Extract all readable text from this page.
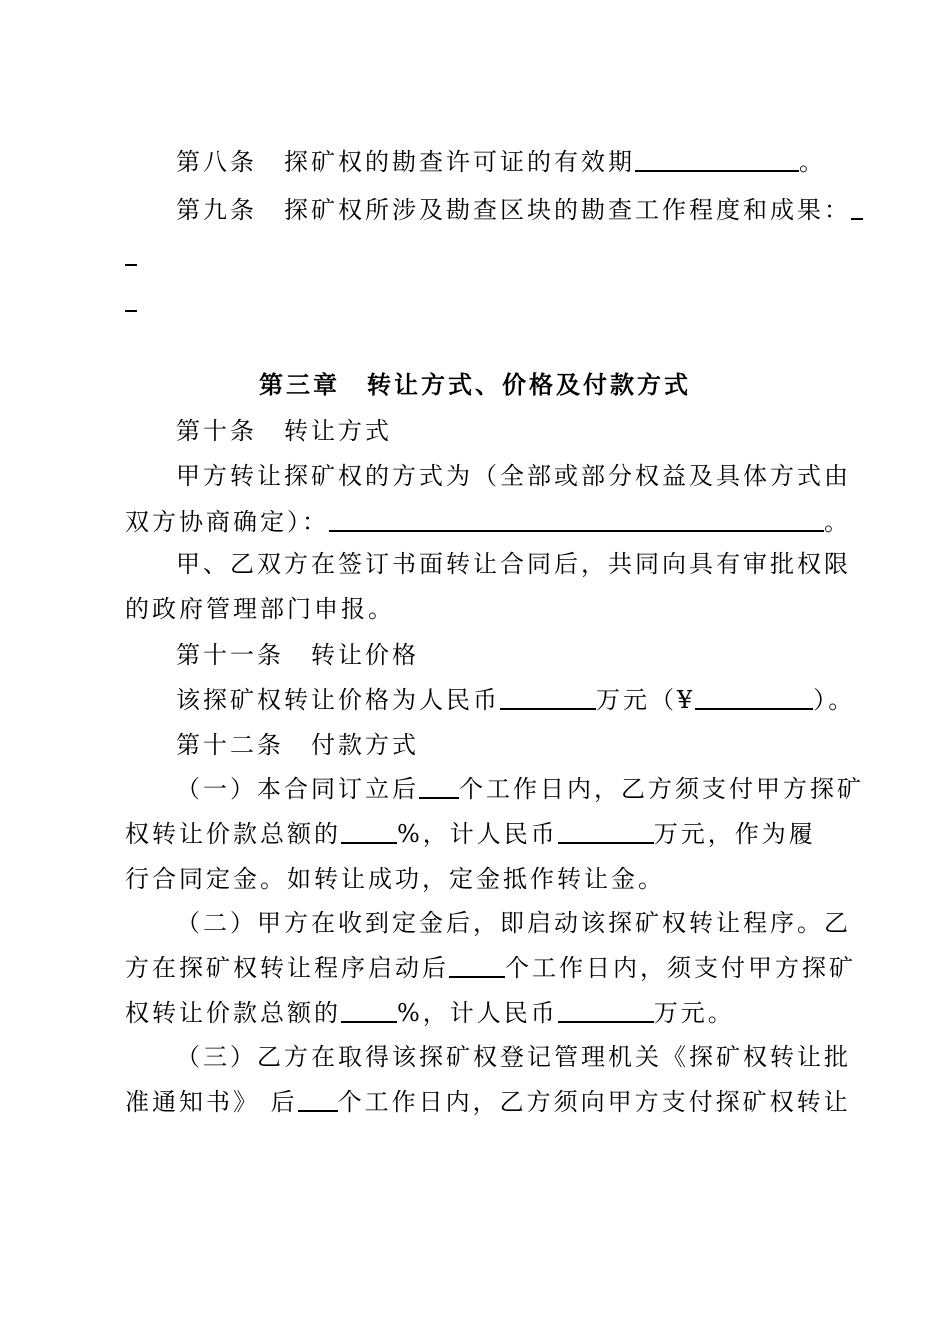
第八条　探矿权的勘查许可证的有效期	。
第九条　探矿权所涉及勘查区块的勘查工作程度和成果：
第三章　转让方式、价格及付款方式
第十条　转让方式
甲方转让探矿权的方式为（全部或部分权益及具体方式由
双方协商确定）：	。
甲、乙双方在签订书面转让合同后，共同向具有审批权限
的政府管理部门申报。
第十一条　转让价格
该探矿权转让价格为人民币	万元（¥	）。
第十二条　付款方式
（一）本合同订立后 个工作日内，乙方须支付甲方探矿
权转让价款总额的 %，计人民币	万元，作为履
行合同定金。如转让成功，定金抵作转让金。
（二）甲方在收到定金后，即启动该探矿权转让程序。乙
方在探矿权转让程序启动后 个工作日内，须支付甲方探矿
权转让价款总额的 %，计人民币	万元。
（三）乙方在取得该探矿权登记管理机关《探矿权转让批
准通知书》 后 个工作日内，乙方须向甲方支付探矿权转让
